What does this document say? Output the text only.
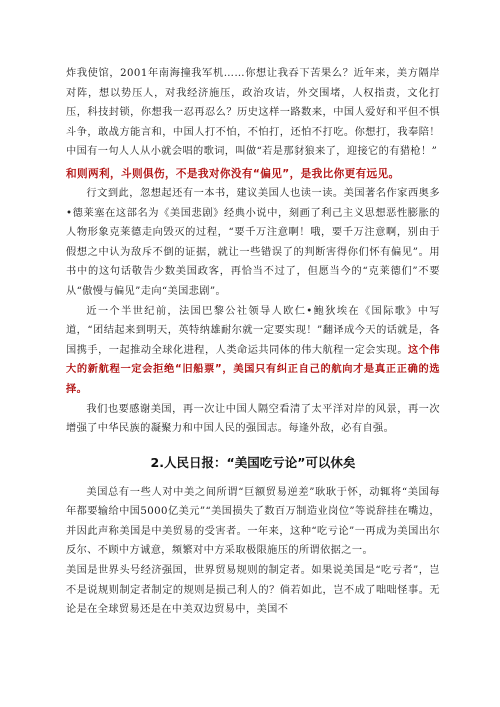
炸我使馆，2001年南海撞我军机……你想让我吞下苦果么？近年来，美方隔岸对阵，想以势压人，对我经济施压，政治攻诘，外交围堵，人权指责，文化打压，科技封锁，你想我一忍再忍么？历史这样一路数来，中国人爱好和平但不惧斗争，敢战方能言和，中国人打不怕，不怕打，还怕不打吃。你想打，我奉陪！中国有一句人人从小就会唱的歌词，叫做“若是那豺狼来了，迎接它的有猎枪！”

和则两利，斗则俱伤，不是我对你没有“偏见”，是我比你更有远见。

行文到此，忽想起还有一本书，建议美国人也读一读。美国著名作家西奥多•德莱塞在这部名为《美国悲剧》经典小说中，刻画了利己主义思想恶性膨胀的人物形象克莱德走向毁灭的过程，“要千万注意啊！哦，要千万注意啊，别由于假想之中认为敌斥不倒的证据，就让一些错误了的判断害得你们怀有偏见”。用书中的这句话敬告少数美国政客，再恰当不过了，但愿当今的“克莱德们”不要从“傲慢与偏见”走向“美国悲剧”。

近一个半世纪前，法国巴黎公社领导人欧仁•鲍狄埃在《国际歌》中写道，“团结起来到明天，英特纳雄耐尔就一定要实现！”翻译成今天的话就是，各国携手，一起推动全球化进程，人类命运共同体的伟大航程一定会实现。这个伟大的新航程一定会拒绝“旧船票”，美国只有纠正自己的航向才是真正正确的选择。

我们也要感谢美国，再一次让中国人隔空看清了太平洋对岸的风景，再一次增强了中华民族的凝聚力和中国人民的强国志。每逢外敌，必有自强。

2.人民日报：“美国吃亏论”可以休矣

美国总有一些人对中美之间所谓“巨额贸易逆差”耿耿于怀，动辄将“美国每年都要输给中国5000亿美元”“美国损失了数百万制造业岗位”等说辞挂在嘴边，并因此声称美国是中美贸易的受害者。一年来，这种“吃亏论”一再成为美国出尔反尔、不顾中方诚意，频繁对中方采取极限施压的所谓依据之一。

美国是世界头号经济强国，世界贸易规则的制定者。如果说美国是“吃亏者”，岂不是说规则制定者制定的规则是损己利人的？倘若如此，岂不成了咄咄怪事。无论是在全球贸易还是在中美双边贸易中，美国不
